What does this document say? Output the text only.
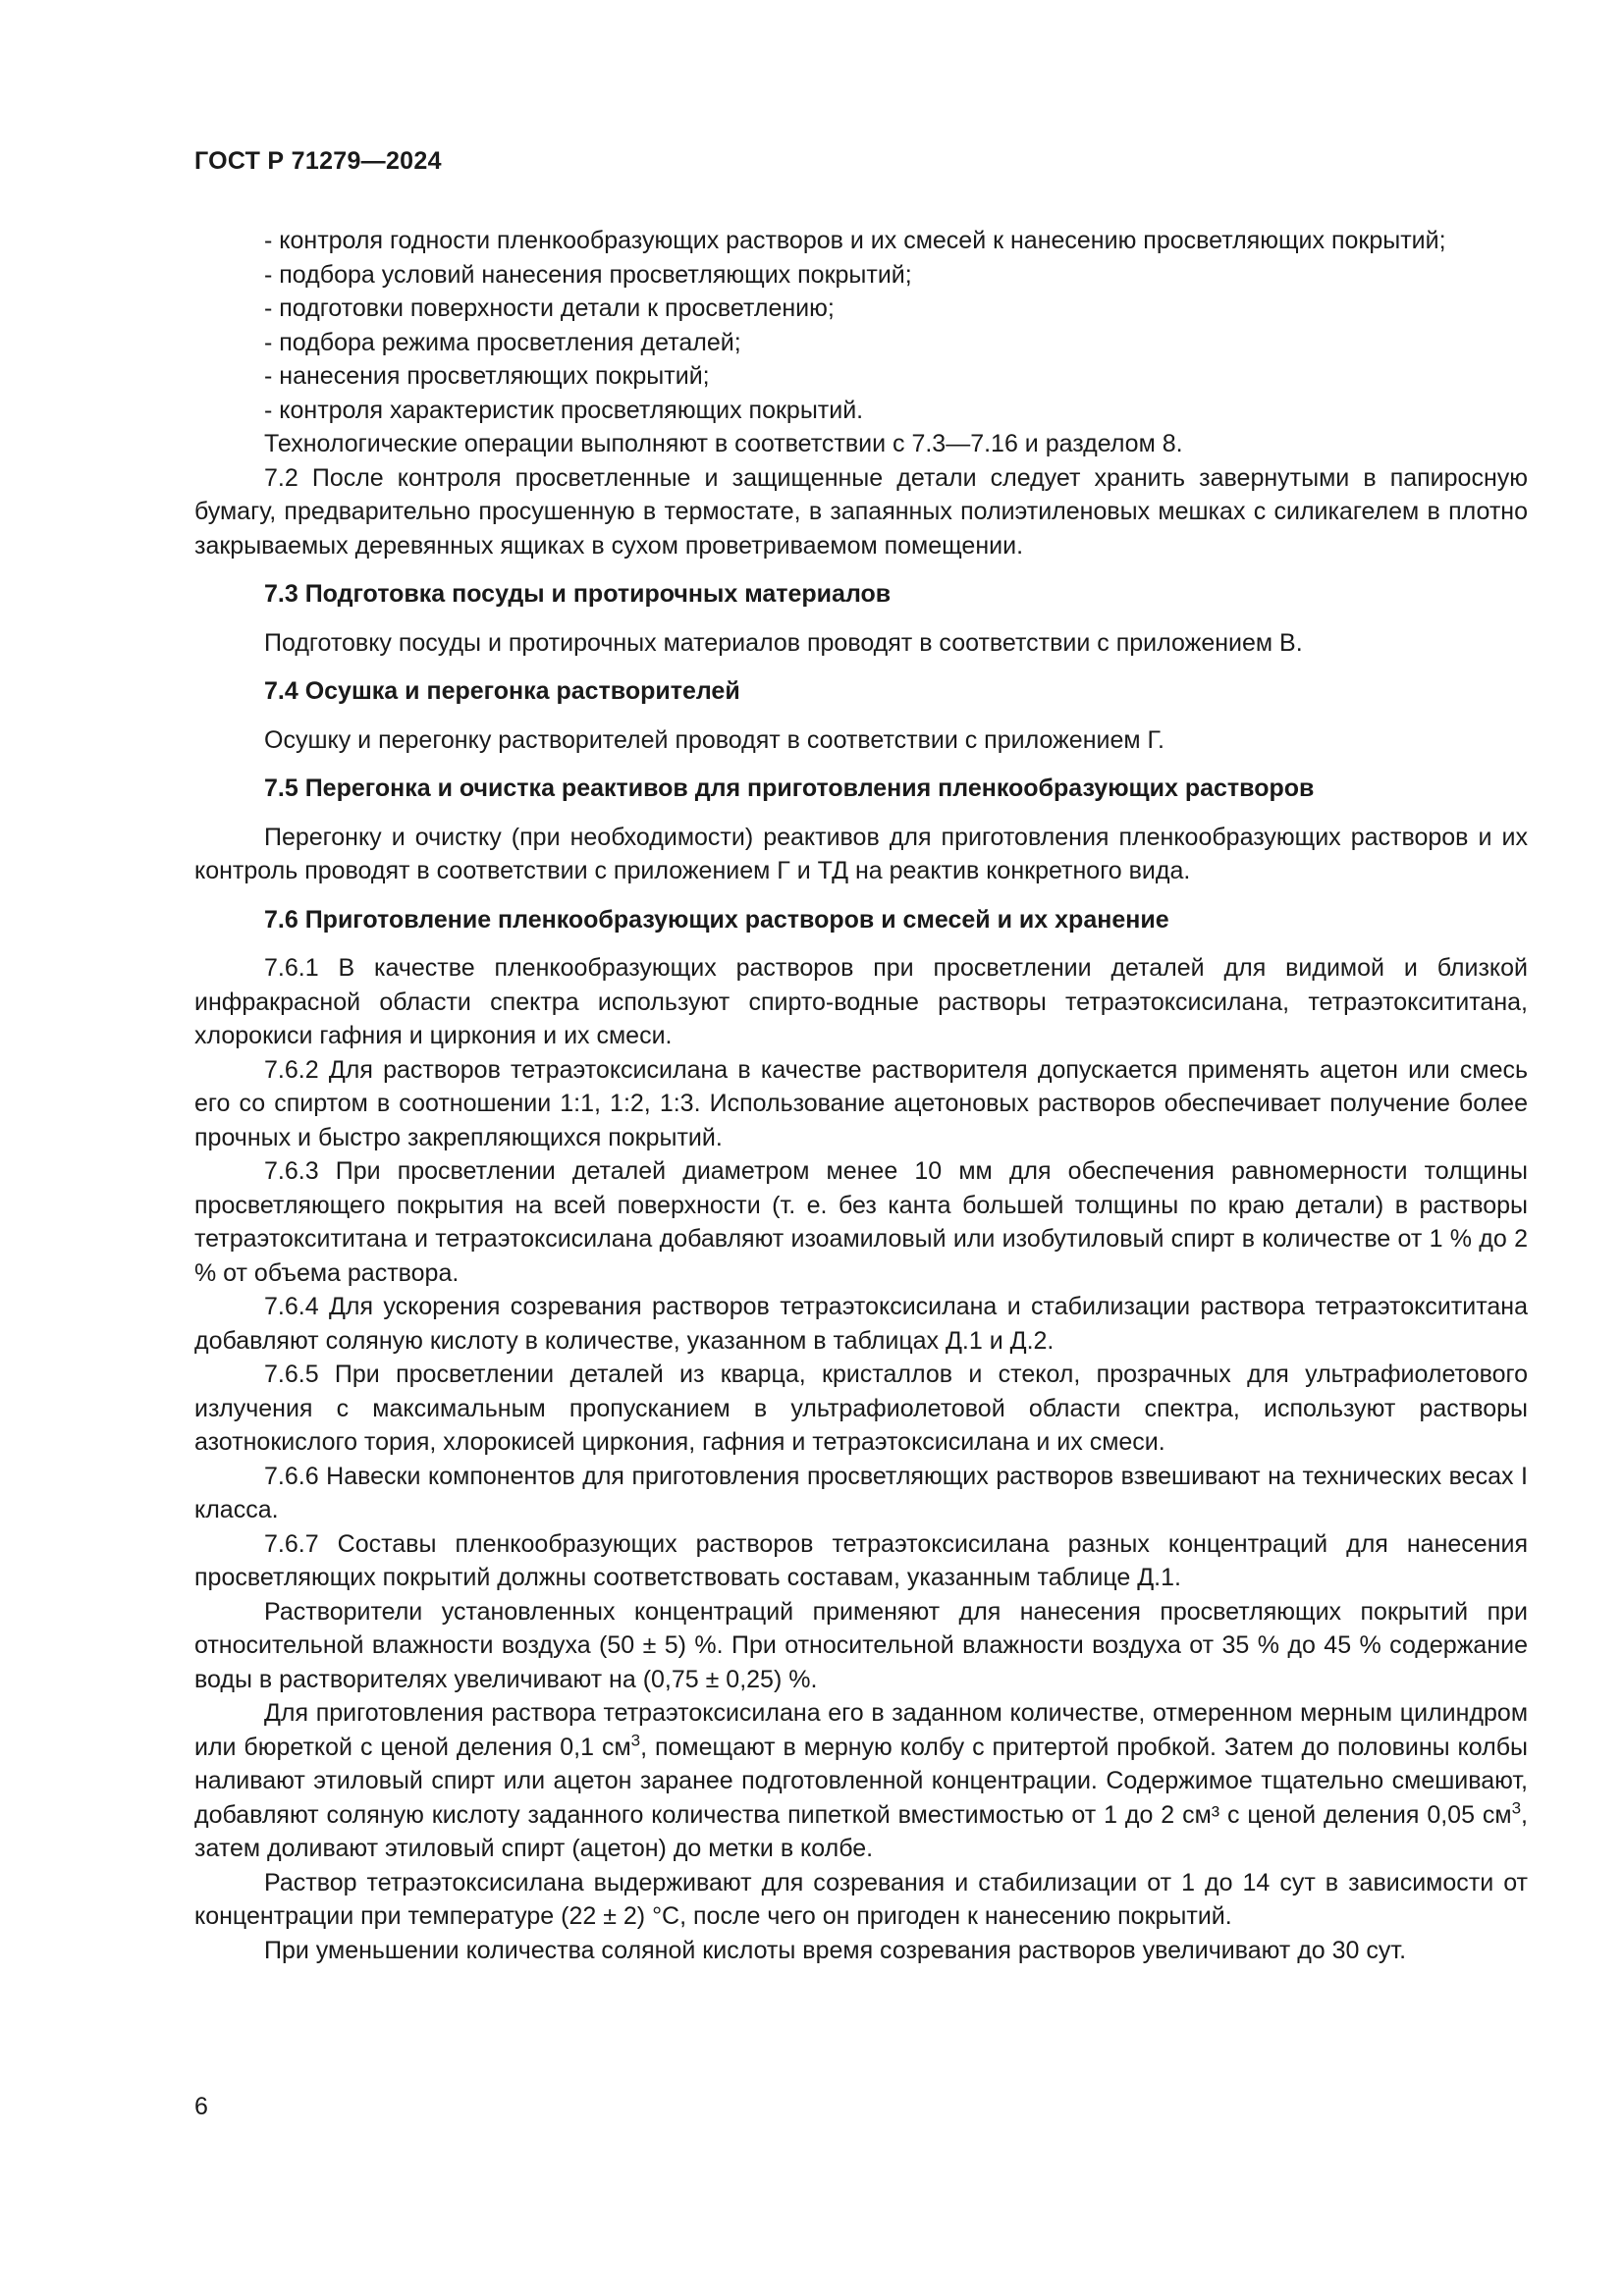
ГОСТ Р 71279—2024

- контроля годности пленкообразующих растворов и их смесей к нанесению просветляющих покрытий;

- подбора условий нанесения просветляющих покрытий;

- подготовки поверхности детали к просветлению;

- подбора режима просветления деталей;

- нанесения просветляющих покрытий;

- контроля характеристик просветляющих покрытий.

Технологические операции выполняют в соответствии с 7.3—7.16 и разделом 8.

7.2 После контроля просветленные и защищенные детали следует хранить завернутыми в папиросную бумагу, предварительно просушенную в термостате, в запаянных полиэтиленовых мешках с силикагелем в плотно закрываемых деревянных ящиках в сухом проветриваемом помещении.

7.3 Подготовка посуды и протирочных материалов

Подготовку посуды и протирочных материалов проводят в соответствии с приложением В.

7.4 Осушка и перегонка растворителей

Осушку и перегонку растворителей проводят в соответствии с приложением Г.

7.5 Перегонка и очистка реактивов для приготовления пленкообразующих растворов

Перегонку и очистку (при необходимости) реактивов для приготовления пленкообразующих растворов и их контроль проводят в соответствии с приложением Г и ТД на реактив конкретного вида.

7.6 Приготовление пленкообразующих растворов и смесей и их хранение

7.6.1 В качестве пленкообразующих растворов при просветлении деталей для видимой и близкой инфракрасной области спектра используют спирто-водные растворы тетраэтоксисилана, тетраэтоксититана, хлорокиси гафния и циркония и их смеси.

7.6.2 Для растворов тетраэтоксисилана в качестве растворителя допускается применять ацетон или смесь его со спиртом в соотношении 1:1, 1:2, 1:3. Использование ацетоновых растворов обеспечивает получение более прочных и быстро закрепляющихся покрытий.

7.6.3 При просветлении деталей диаметром менее 10 мм для обеспечения равномерности толщины просветляющего покрытия на всей поверхности (т. е. без канта большей толщины по краю детали) в растворы тетраэтоксититана и тетраэтоксисилана добавляют изоамиловый или изобутиловый спирт в количестве от 1 % до 2 % от объема раствора.

7.6.4 Для ускорения созревания растворов тетраэтоксисилана и стабилизации раствора тетраэтоксититана добавляют соляную кислоту в количестве, указанном в таблицах Д.1 и Д.2.

7.6.5 При просветлении деталей из кварца, кристаллов и стекол, прозрачных для ультрафиолетового излучения с максимальным пропусканием в ультрафиолетовой области спектра, используют растворы азотнокислого тория, хлорокисей циркония, гафния и тетраэтоксисилана и их смеси.

7.6.6 Навески компонентов для приготовления просветляющих растворов взвешивают на технических весах I класса.

7.6.7 Составы пленкообразующих растворов тетраэтоксисилана разных концентраций для нанесения просветляющих покрытий должны соответствовать составам, указанным таблице Д.1.

Растворители установленных концентраций применяют для нанесения просветляющих покрытий при относительной влажности воздуха (50 ± 5) %. При относительной влажности воздуха от 35 % до 45 % содержание воды в растворителях увеличивают на (0,75 ± 0,25) %.

Для приготовления раствора тетраэтоксисилана его в заданном количестве, отмеренном мерным цилиндром или бюреткой с ценой деления 0,1 $см^3$, помещают в мерную колбу с притертой пробкой. Затем до половины колбы наливают этиловый спирт или ацетон заранее подготовленной концентрации. Содержимое тщательно смешивают, добавляют соляную кислоту заданного количества пипеткой вместимостью от 1 до 2 см³ с ценой деления 0,05 $см^3$, затем доливают этиловый спирт (ацетон) до метки в колбе.

Раствор тетраэтоксисилана выдерживают для созревания и стабилизации от 1 до 14 сут в зависимости от концентрации при температуре (22 ± 2) °С, после чего он пригоден к нанесению покрытий.

При уменьшении количества соляной кислоты время созревания растворов увеличивают до 30 сут.

6
